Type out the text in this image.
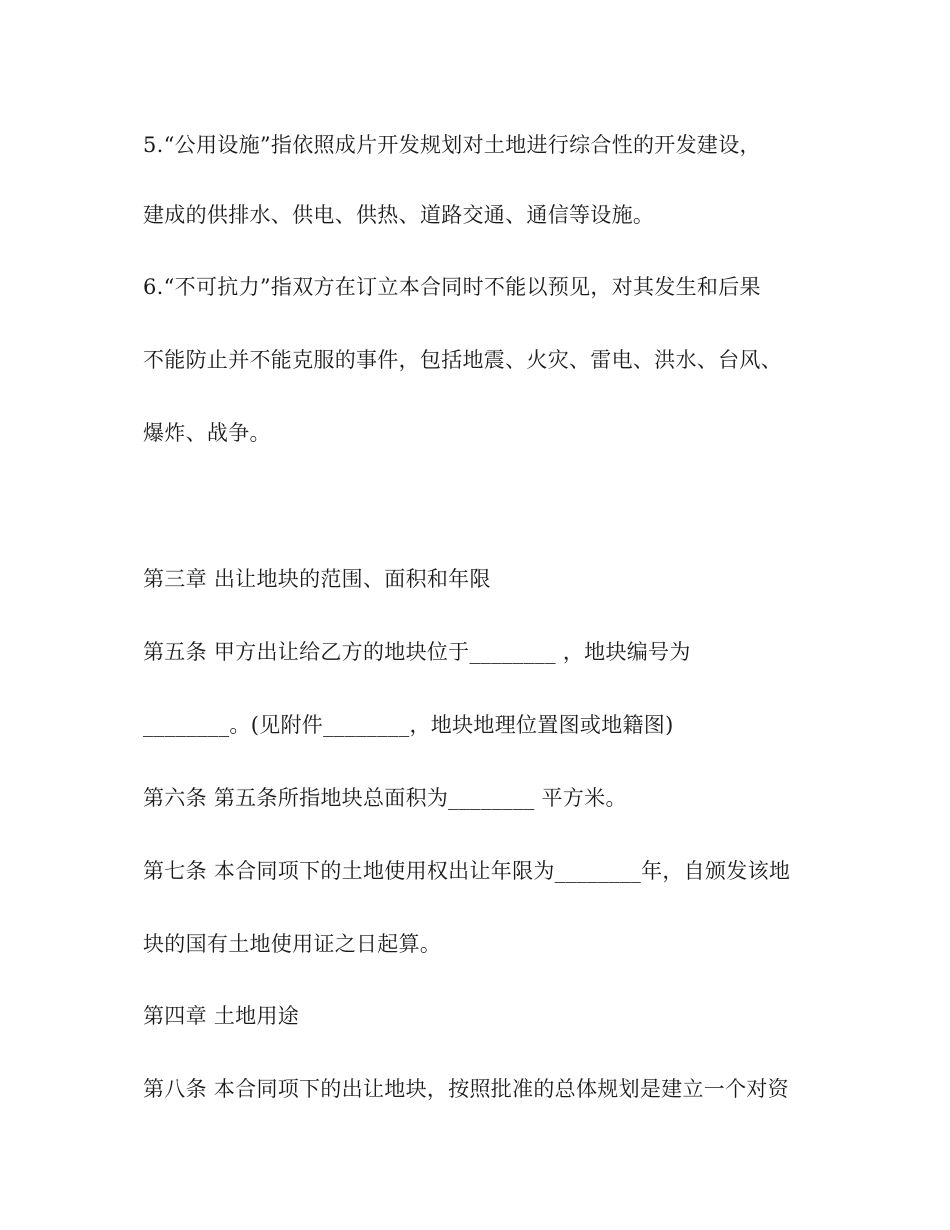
5.“公用设施”指依照成片开发规划对土地进行综合性的开发建设，
建成的供排水、供电、供热、道路交通、通信等设施。
6.“不可抗力”指双方在订立本合同时不能以预见，对其发生和后果
不能防止并不能克服的事件，包括地震、火灾、雷电、洪水、台风、
爆炸、战争。
第三章 出让地块的范围、面积和年限
第五条 甲方出让给乙方的地块位于________ ，地块编号为
________。(见附件________，地块地理位置图或地籍图)
第六条 第五条所指地块总面积为________ 平方米。
第七条 本合同项下的土地使用权出让年限为________年，自颁发该地
块的国有土地使用证之日起算。
第四章 土地用途
第八条 本合同项下的出让地块，按照批准的总体规划是建立一个对资
